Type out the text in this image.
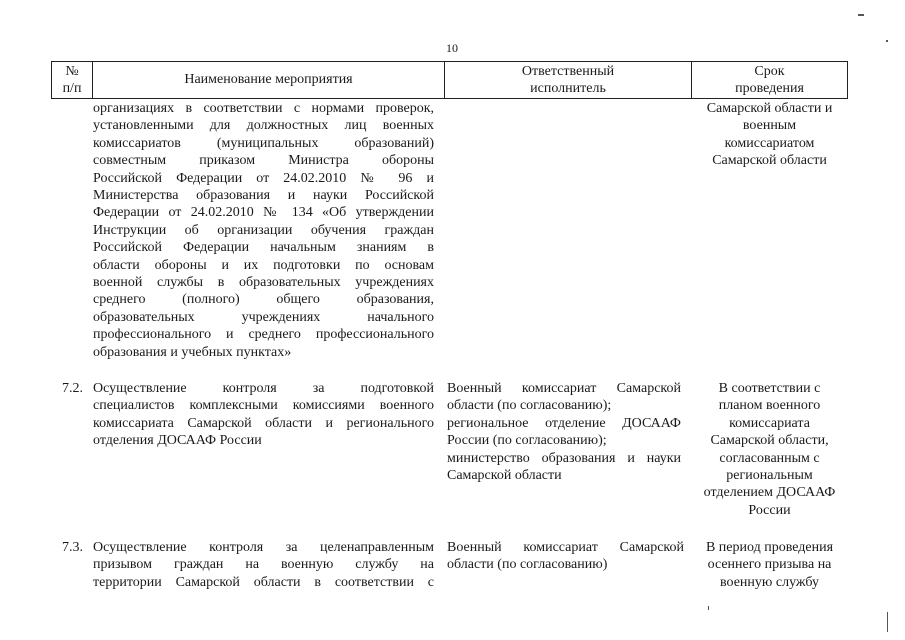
10
№
п/п
Наименование мероприятия
Ответственный
исполнитель
Срок
проведения
организациях в соответствии с нормами проверок,
установленными для должностных лиц военных
комиссариатов (муниципальных образований)
совместным приказом Министра обороны
Российской Федерации от 24.02.2010 № 96 и
Министерства образования и науки Российской
Федерации от 24.02.2010 № 134 «Об утверждении
Инструкции об организации обучения граждан
Российской Федерации начальным знаниям в
области обороны и их подготовки по основам
военной службы в образовательных учреждениях
среднего (полного) общего образования,
образовательных учреждениях начального
профессионального и среднего профессионального
образования и учебных пунктах»
Самарской области и
военным
комиссариатом
Самарской области
7.2. Осуществление контроля за подготовкой
специалистов комплексными комиссиями военного
комиссариата Самарской области и регионального
отделения ДОСААФ России
Военный комиссариат Самарской
области (по согласованию);
региональное отделение ДОСААФ
России (по согласованию);
министерство образования и науки
Самарской области
В соответствии с
планом военного
комиссариата
Самарской области,
согласованным с
региональным
отделением ДОСААФ
России
7.3. Осуществление контроля за целенаправленным
призывом граждан на военную службу на
территории Самарской области в соответствии с
Военный комиссариат Самарской
области (по согласованию)
В период проведения
осеннего призыва на
военную службу
